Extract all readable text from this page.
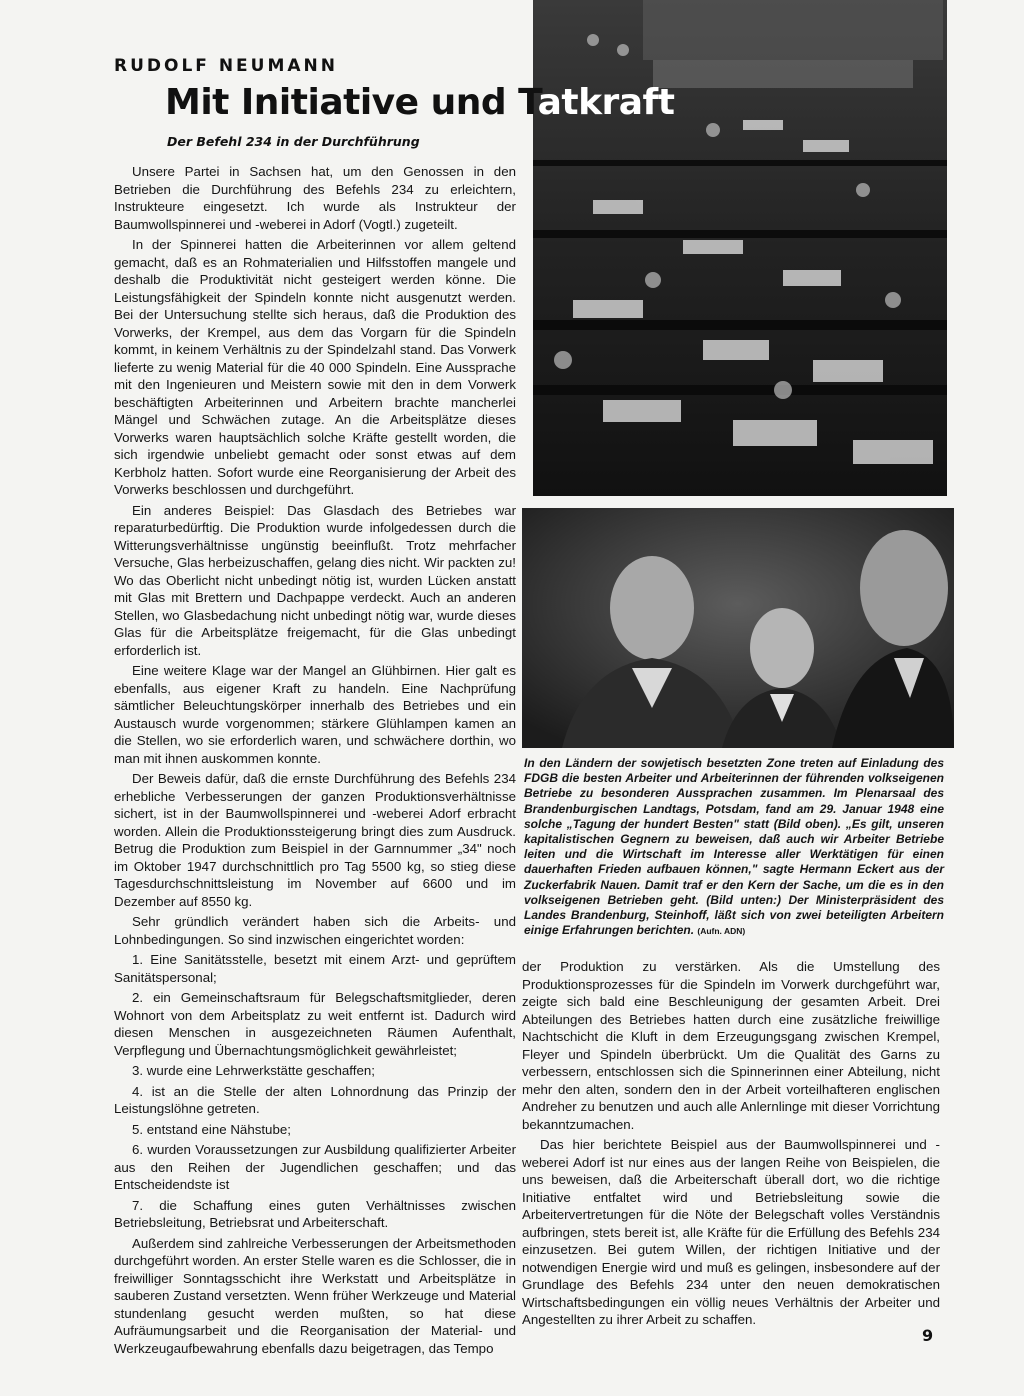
RUDOLF NEUMANN
Mit Initiative und Tatkraft
Der Befehl 234 in der Durchführung
In den Ländern der sowjetisch besetzten Zone treten auf Einladung des FDGB die besten Arbeiter und Arbeiterinnen der führenden volkseigenen Betriebe zu besonderen Aussprachen zusammen. Im Plenarsaal des Brandenburgischen Landtags, Potsdam, fand am 29. Januar 1948 eine solche „Tagung der hundert Besten" statt (Bild oben). „Es gilt, unseren kapitalistischen Gegnern zu beweisen, daß auch wir Arbeiter Betriebe leiten und die Wirtschaft im Interesse aller Werktätigen für einen dauerhaften Frieden aufbauen können," sagte Hermann Eckert aus der Zuckerfabrik Nauen. Damit traf er den Kern der Sache, um die es in den volkseigenen Betrieben geht. (Bild unten:) Der Ministerpräsident des Landes Brandenburg, Steinhoff, läßt sich von zwei beteiligten Arbeitern einige Erfahrungen berichten. (Aufn. ADN)

Unsere Partei in Sachsen hat, um den Genossen in den Betrieben die Durchführung des Befehls 234 zu erleichtern, Instrukteure eingesetzt. Ich wurde als Instrukteur der Baumwollspinnerei und -weberei in Adorf (Vogtl.) zugeteilt.

In der Spinnerei hatten die Arbeiterinnen vor allem geltend gemacht, daß es an Rohmaterialien und Hilfsstoffen mangele und deshalb die Produktivität nicht gesteigert werden könne. Die Leistungsfähigkeit der Spindeln konnte nicht ausgenutzt werden. Bei der Untersuchung stellte sich heraus, daß die Produktion des Vorwerks, der Krempel, aus dem das Vorgarn für die Spindeln kommt, in keinem Verhältnis zu der Spindelzahl stand. Das Vorwerk lieferte zu wenig Material für die 40 000 Spindeln. Eine Aussprache mit den Ingenieuren und Meistern sowie mit den in dem Vorwerk beschäftigten Arbeiterinnen und Arbeitern brachte mancherlei Mängel und Schwächen zutage. An die Arbeitsplätze dieses Vorwerks waren hauptsächlich solche Kräfte gestellt worden, die sich irgendwie unbeliebt gemacht oder sonst etwas auf dem Kerbholz hatten. Sofort wurde eine Reorganisierung der Arbeit des Vorwerks beschlossen und durchgeführt.

Ein anderes Beispiel: Das Glasdach des Betriebes war reparaturbedürftig. Die Produktion wurde infolgedessen durch die Witterungsverhältnisse ungünstig beeinflußt. Trotz mehrfacher Versuche, Glas herbeizuschaffen, gelang dies nicht. Wir packten zu! Wo das Oberlicht nicht unbedingt nötig ist, wurden Lücken anstatt mit Glas mit Brettern und Dachpappe verdeckt. Auch an anderen Stellen, wo Glasbedachung nicht unbedingt nötig war, wurde dieses Glas für die Arbeitsplätze freigemacht, für die Glas unbedingt erforderlich ist.

Eine weitere Klage war der Mangel an Glühbirnen. Hier galt es ebenfalls, aus eigener Kraft zu handeln. Eine Nachprüfung sämtlicher Beleuchtungskörper innerhalb des Betriebes und ein Austausch wurde vorgenommen; stärkere Glühlampen kamen an die Stellen, wo sie erforderlich waren, und schwächere dorthin, wo man mit ihnen auskommen konnte.

Der Beweis dafür, daß die ernste Durchführung des Befehls 234 erhebliche Verbesserungen der ganzen Produktionsverhältnisse sichert, ist in der Baumwollspinnerei und -weberei Adorf erbracht worden. Allein die Produktionssteigerung bringt dies zum Ausdruck. Betrug die Produktion zum Beispiel in der Garnnummer „34" noch im Oktober 1947 durchschnittlich pro Tag 5500 kg, so stieg diese Tagesdurchschnittsleistung im November auf 6600 und im Dezember auf 8550 kg.

Sehr gründlich verändert haben sich die Arbeits- und Lohnbedingungen. So sind inzwischen eingerichtet worden:

1. Eine Sanitätsstelle, besetzt mit einem Arzt- und geprüftem Sanitätspersonal;

2. ein Gemeinschaftsraum für Belegschaftsmitglieder, deren Wohnort von dem Arbeitsplatz zu weit entfernt ist. Dadurch wird diesen Menschen in ausgezeichneten Räumen Aufenthalt, Verpflegung und Übernachtungsmöglichkeit gewährleistet;

3. wurde eine Lehrwerkstätte geschaffen;

4. ist an die Stelle der alten Lohnordnung das Prinzip der Leistungslöhne getreten.

5. entstand eine Nähstube;

6. wurden Voraussetzungen zur Ausbildung qualifizierter Arbeiter aus den Reihen der Jugendlichen geschaffen; und das Entscheidendste ist

7. die Schaffung eines guten Verhältnisses zwischen Betriebsleitung, Betriebsrat und Arbeiterschaft.

Außerdem sind zahlreiche Verbesserungen der Arbeitsmethoden durchgeführt worden. An erster Stelle waren es die Schlosser, die in freiwilliger Sonntagsschicht ihre Werkstatt und Arbeitsplätze in sauberen Zustand versetzten. Wenn früher Werkzeuge und Material stundenlang gesucht werden mußten, so hat diese Aufräumungsarbeit und die Reorganisation der Material- und Werkzeugaufbewahrung ebenfalls dazu beigetragen, das Tempo

der Produktion zu verstärken. Als die Umstellung des Produktionsprozesses für die Spindeln im Vorwerk durchgeführt war, zeigte sich bald eine Beschleunigung der gesamten Arbeit. Drei Abteilungen des Betriebes hatten durch eine zusätzliche freiwillige Nachtschicht die Kluft in dem Erzeugungsgang zwischen Krempel, Fleyer und Spindeln überbrückt. Um die Qualität des Garns zu verbessern, entschlossen sich die Spinnerinnen einer Abteilung, nicht mehr den alten, sondern den in der Arbeit vorteilhafteren englischen Andreher zu benutzen und auch alle Anlernlinge mit dieser Vorrichtung bekanntzumachen.

Das hier berichtete Beispiel aus der Baumwollspinnerei und -weberei Adorf ist nur eines aus der langen Reihe von Beispielen, die uns beweisen, daß die Arbeiterschaft überall dort, wo die richtige Initiative entfaltet wird und Betriebsleitung sowie die Arbeitervertretungen für die Nöte der Belegschaft volles Verständnis aufbringen, stets bereit ist, alle Kräfte für die Erfüllung des Befehls 234 einzusetzen. Bei gutem Willen, der richtigen Initiative und der notwendigen Energie wird und muß es gelingen, insbesondere auf der Grundlage des Befehls 234 unter den neuen demokratischen Wirtschaftsbedingungen ein völlig neues Verhältnis der Arbeiter und Angestellten zu ihrer Arbeit zu schaffen.

9
